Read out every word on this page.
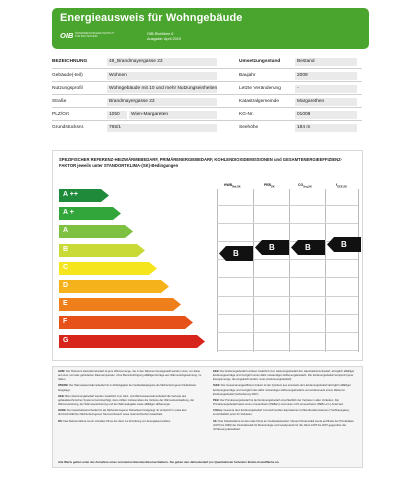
Energieausweis für Wohngebäude
OIB ÖSTERREICHISCHES INSTITUT FÜR BAUTECHNIK
OIB-Richtlinie 6
Ausgabe: April 2019
BEZEICHNUNG	48_Brandmayergasse 23
Gebäude(-teil)	Wohnen
Nutzungsprofil	Wohngebäude mit 10 und mehr Nutzungseinheiten
Straße	Brandmayergasse 23
PLZ/Ort	1050	Wien-Margareten
Grundstücksnr.	765/1
Umsetzungsstand	Bestand
Baujahr	2009
Letzte Veränderung	-
Katastralgemeinde	Margarethen
KG-Nr.	01008
Seehöhe	184 m
SPEZIFISCHER REFERENZ-HEIZWÄRMEBEDARF, PRIMÄRENERGIEBEDARF, KOHLENDIOXIDEMISSIONEN und GESAMTENERGIEEFFIZIENZ-FAKTOR jeweils unter STANDORTKLIMA-(SK)-Bedingungen
$HWB_{Ref,SK}$
$PEB_{SK}$
$CO_{2eq,SK}$
$f_{GEE,SK}$
A ++
A +
A
B
C
D
E
F
G
B
B	B	B

HWB: Der Referenz-Heizwärmebedarf ist jene Wärmemenge, die in den Räumen bereitgestellt werden muss, um diese auf einer normativ geforderten Raumtemperatur, ohne Berücksichtigung allfälliger Erträge aus Wärmerückgewinnung, zu halten.

WWWB: Der Warmwasserwärmebedarf ist in Abhängigkeit der Gebäudekategorie als flächenbezogener Defaultwert festgelegt.

HEB: Beim Heizenergiebedarf werden zusätzlich zum Heiz- und Warmwasserwärmebedarf die Verluste des gebäudetechnischen Systems berücksichtigt, dazu zählen insbesondere die Verluste der Wärmebereitstellung, der Wärmeverteilung, der Wärmespeicherung und der Wärmeabgabe sowie allfälliger Hilfsenergie.

HHSB: Der Haushaltsstrombedarf ist als flächenbezogener Defaultwert festgelegt. Er entspricht in etwa dem durchschnittlichen flächenbezogenen Stromverbrauch eines österreichischen Haushalts.

RK: Das Referenzklima ist ein virtuelles Klima. Es dient zur Ermittlung von Energiekennzahlen.

EEB: Der Endenergiebedarf umfasst zusätzlich zum Heizenergiebedarf den Haushaltsstrombedarf, abzüglich allfälliger Endenergieerträge und zuzüglich eines dafür notwendigen Hilfsenergiebedarfs. Der Endenergiebedarf entspricht jener Energiemenge, die eingekauft werden muss (Lieferenergiebedarf).

fGEE: Der Gesamtenergieeffizienz-Faktor ist der Quotient aus einerseits dem Endenergiebedarf abzüglich allfälliger Endenergieerträge und zuzüglich des dafür notwendigen Hilfsenergiebedarfs und andererseits einem Referenz-Endenergiebedarf (Anforderung 2007).

PEB: Der Primärenergiebedarf ist der Endenergiebedarf einschließlich der Verluste in allen Vorketten. Der Primärenergiebedarf weist einen erneuerbaren (PEBern) und einen nicht erneuerbaren (PEBn.ern.) Anteil auf.

CO2eq: Gesamte dem Endenergiebedarf zuzurechnenden äquivalenten Kohlendioxidemissionen (Treibhausgase), einschließlich jener für Vorketten.

SK: Das Standortklima ist das reale Klima am Gebäudestandort. Dieses Klimamodell wurde auf Basis der Primärdaten (1970 bis 1999) der Zentralanstalt für Meteorologie und Geodynamik für die Jahre 1978 bis 2007 gegenüber der Vorfassung aktualisiert.

Alle Werte gelten unter der Annahme eines normierten BenutzerInnenverhaltens. Sie geben den Jahresbedarf pro Quadratmeter beheizter Brutto-Grundfläche an.
